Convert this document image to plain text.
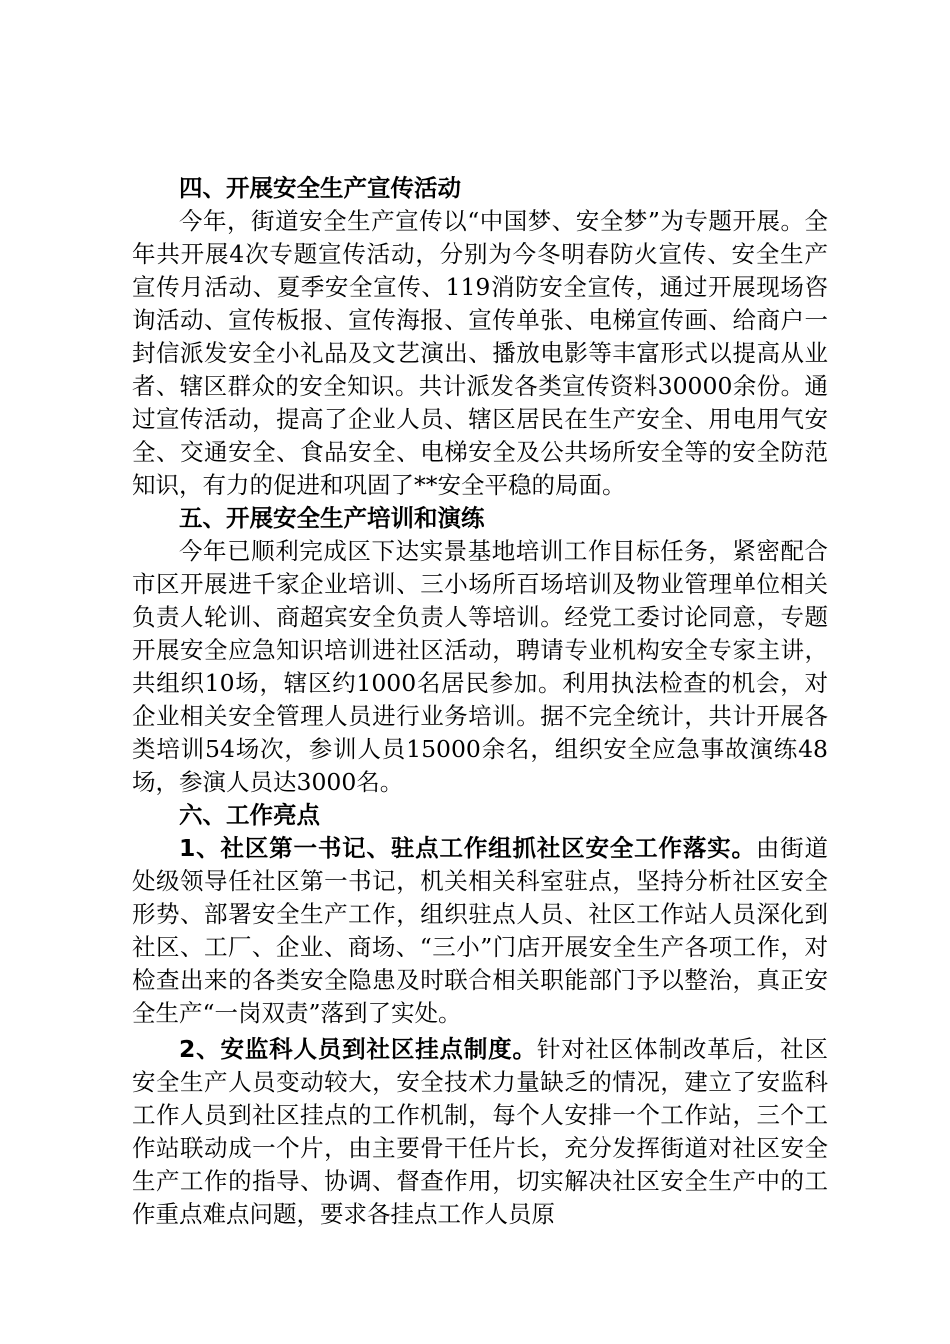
四、开展安全生产宣传活动

今年，街道安全生产宣传以“中国梦、安全梦”为专题开展。全年共开展4次专题宣传活动，分别为今冬明春防火宣传、安全生产宣传月活动、夏季安全宣传、119消防安全宣传，通过开展现场咨询活动、宣传板报、宣传海报、宣传单张、电梯宣传画、给商户一封信派发安全小礼品及文艺演出、播放电影等丰富形式以提高从业者、辖区群众的安全知识。共计派发各类宣传资料30000余份。通过宣传活动，提高了企业人员、辖区居民在生产安全、用电用气安全、交通安全、食品安全、电梯安全及公共场所安全等的安全防范知识，有力的促进和巩固了**安全平稳的局面。

五、开展安全生产培训和演练

今年已顺利完成区下达实景基地培训工作目标任务，紧密配合市区开展进千家企业培训、三小场所百场培训及物业管理单位相关负责人轮训、商超宾安全负责人等培训。经党工委讨论同意，专题开展安全应急知识培训进社区活动，聘请专业机构安全专家主讲，共组织10场，辖区约1000名居民参加。利用执法检查的机会，对企业相关安全管理人员进行业务培训。据不完全统计，共计开展各类培训54场次，参训人员15000余名，组织安全应急事故演练48场，参演人员达3000名。

六、工作亮点

1、社区第一书记、驻点工作组抓社区安全工作落实。由街道处级领导任社区第一书记，机关相关科室驻点，坚持分析社区安全形势、部署安全生产工作，组织驻点人员、社区工作站人员深化到社区、工厂、企业、商场、“三小”门店开展安全生产各项工作，对检查出来的各类安全隐患及时联合相关职能部门予以整治，真正安全生产“一岗双责”落到了实处。

2、安监科人员到社区挂点制度。针对社区体制改革后，社区安全生产人员变动较大，安全技术力量缺乏的情况，建立了安监科工作人员到社区挂点的工作机制，每个人安排一个工作站，三个工作站联动成一个片，由主要骨干任片长，充分发挥街道对社区安全生产工作的指导、协调、督查作用，切实解决社区安全生产中的工作重点难点问题，要求各挂点工作人员原
